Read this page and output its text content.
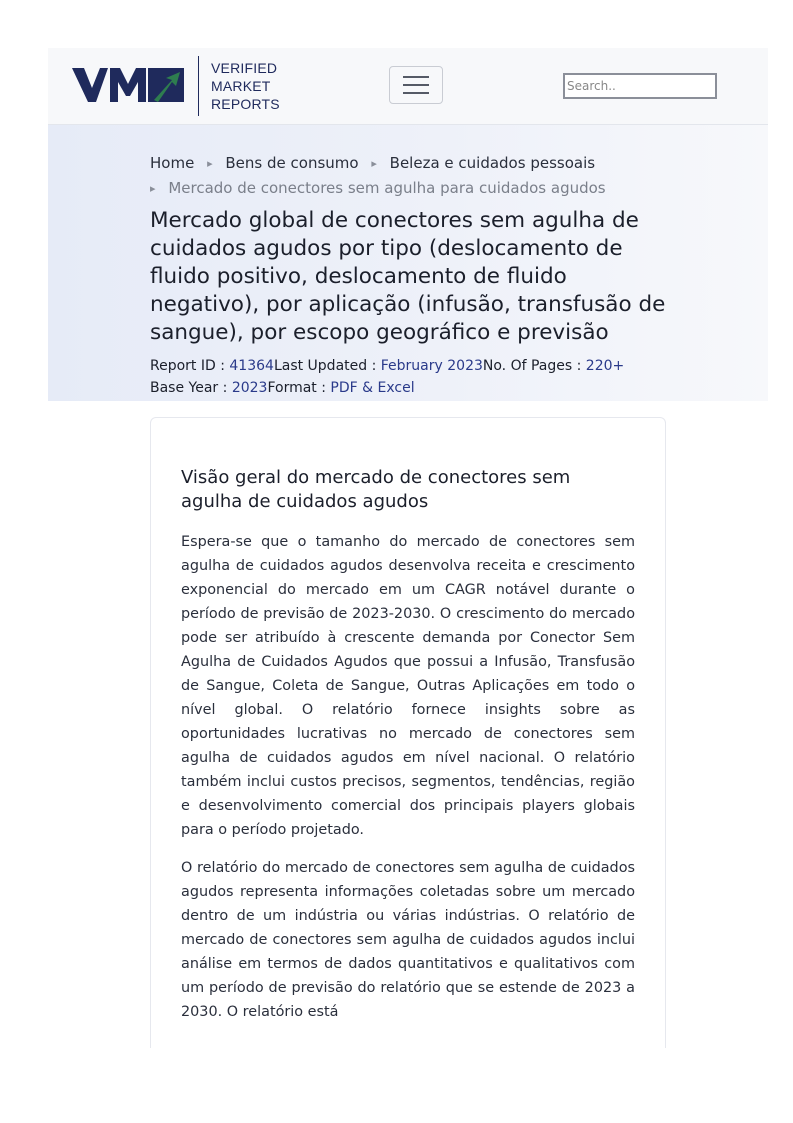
VERIFIED
MARKET
REPORTS
Search..
Home ▸ Bens de consumo ▸ Beleza e cuidados pessoais
▸ Mercado de conectores sem agulha para cuidados agudos
Mercado global de conectores sem agulha de cuidados agudos por tipo (deslocamento de fluido positivo, deslocamento de fluido negativo), por aplicação (infusão, transfusão de sangue), por escopo geográfico e previsão
Report ID : 41364Last Updated : February 2023No. Of Pages : 220+
Base Year : 2023Format : PDF & Excel
Visão geral do mercado de conectores sem agulha de cuidados agudos

Espera-se que o tamanho do mercado de conectores sem agulha de cuidados agudos desenvolva receita e crescimento exponencial do mercado em um CAGR notável durante o período de previsão de 2023-2030. O crescimento do mercado pode ser atribuído à crescente demanda por Conector Sem Agulha de Cuidados Agudos que possui a Infusão, Transfusão de Sangue, Coleta de Sangue, Outras Aplicações em todo o nível global. O relatório fornece insights sobre as oportunidades lucrativas no mercado de conectores sem agulha de cuidados agudos em nível nacional. O relatório também inclui custos precisos, segmentos, tendências, região e desenvolvimento comercial dos principais players globais para o período projetado.

O relatório do mercado de conectores sem agulha de cuidados agudos representa informações coletadas sobre um mercado dentro de um indústria ou várias indústrias. O relatório de mercado de conectores sem agulha de cuidados agudos inclui análise em termos de dados quantitativos e qualitativos com um período de previsão do relatório que se estende de 2023 a 2030. O relatório está
